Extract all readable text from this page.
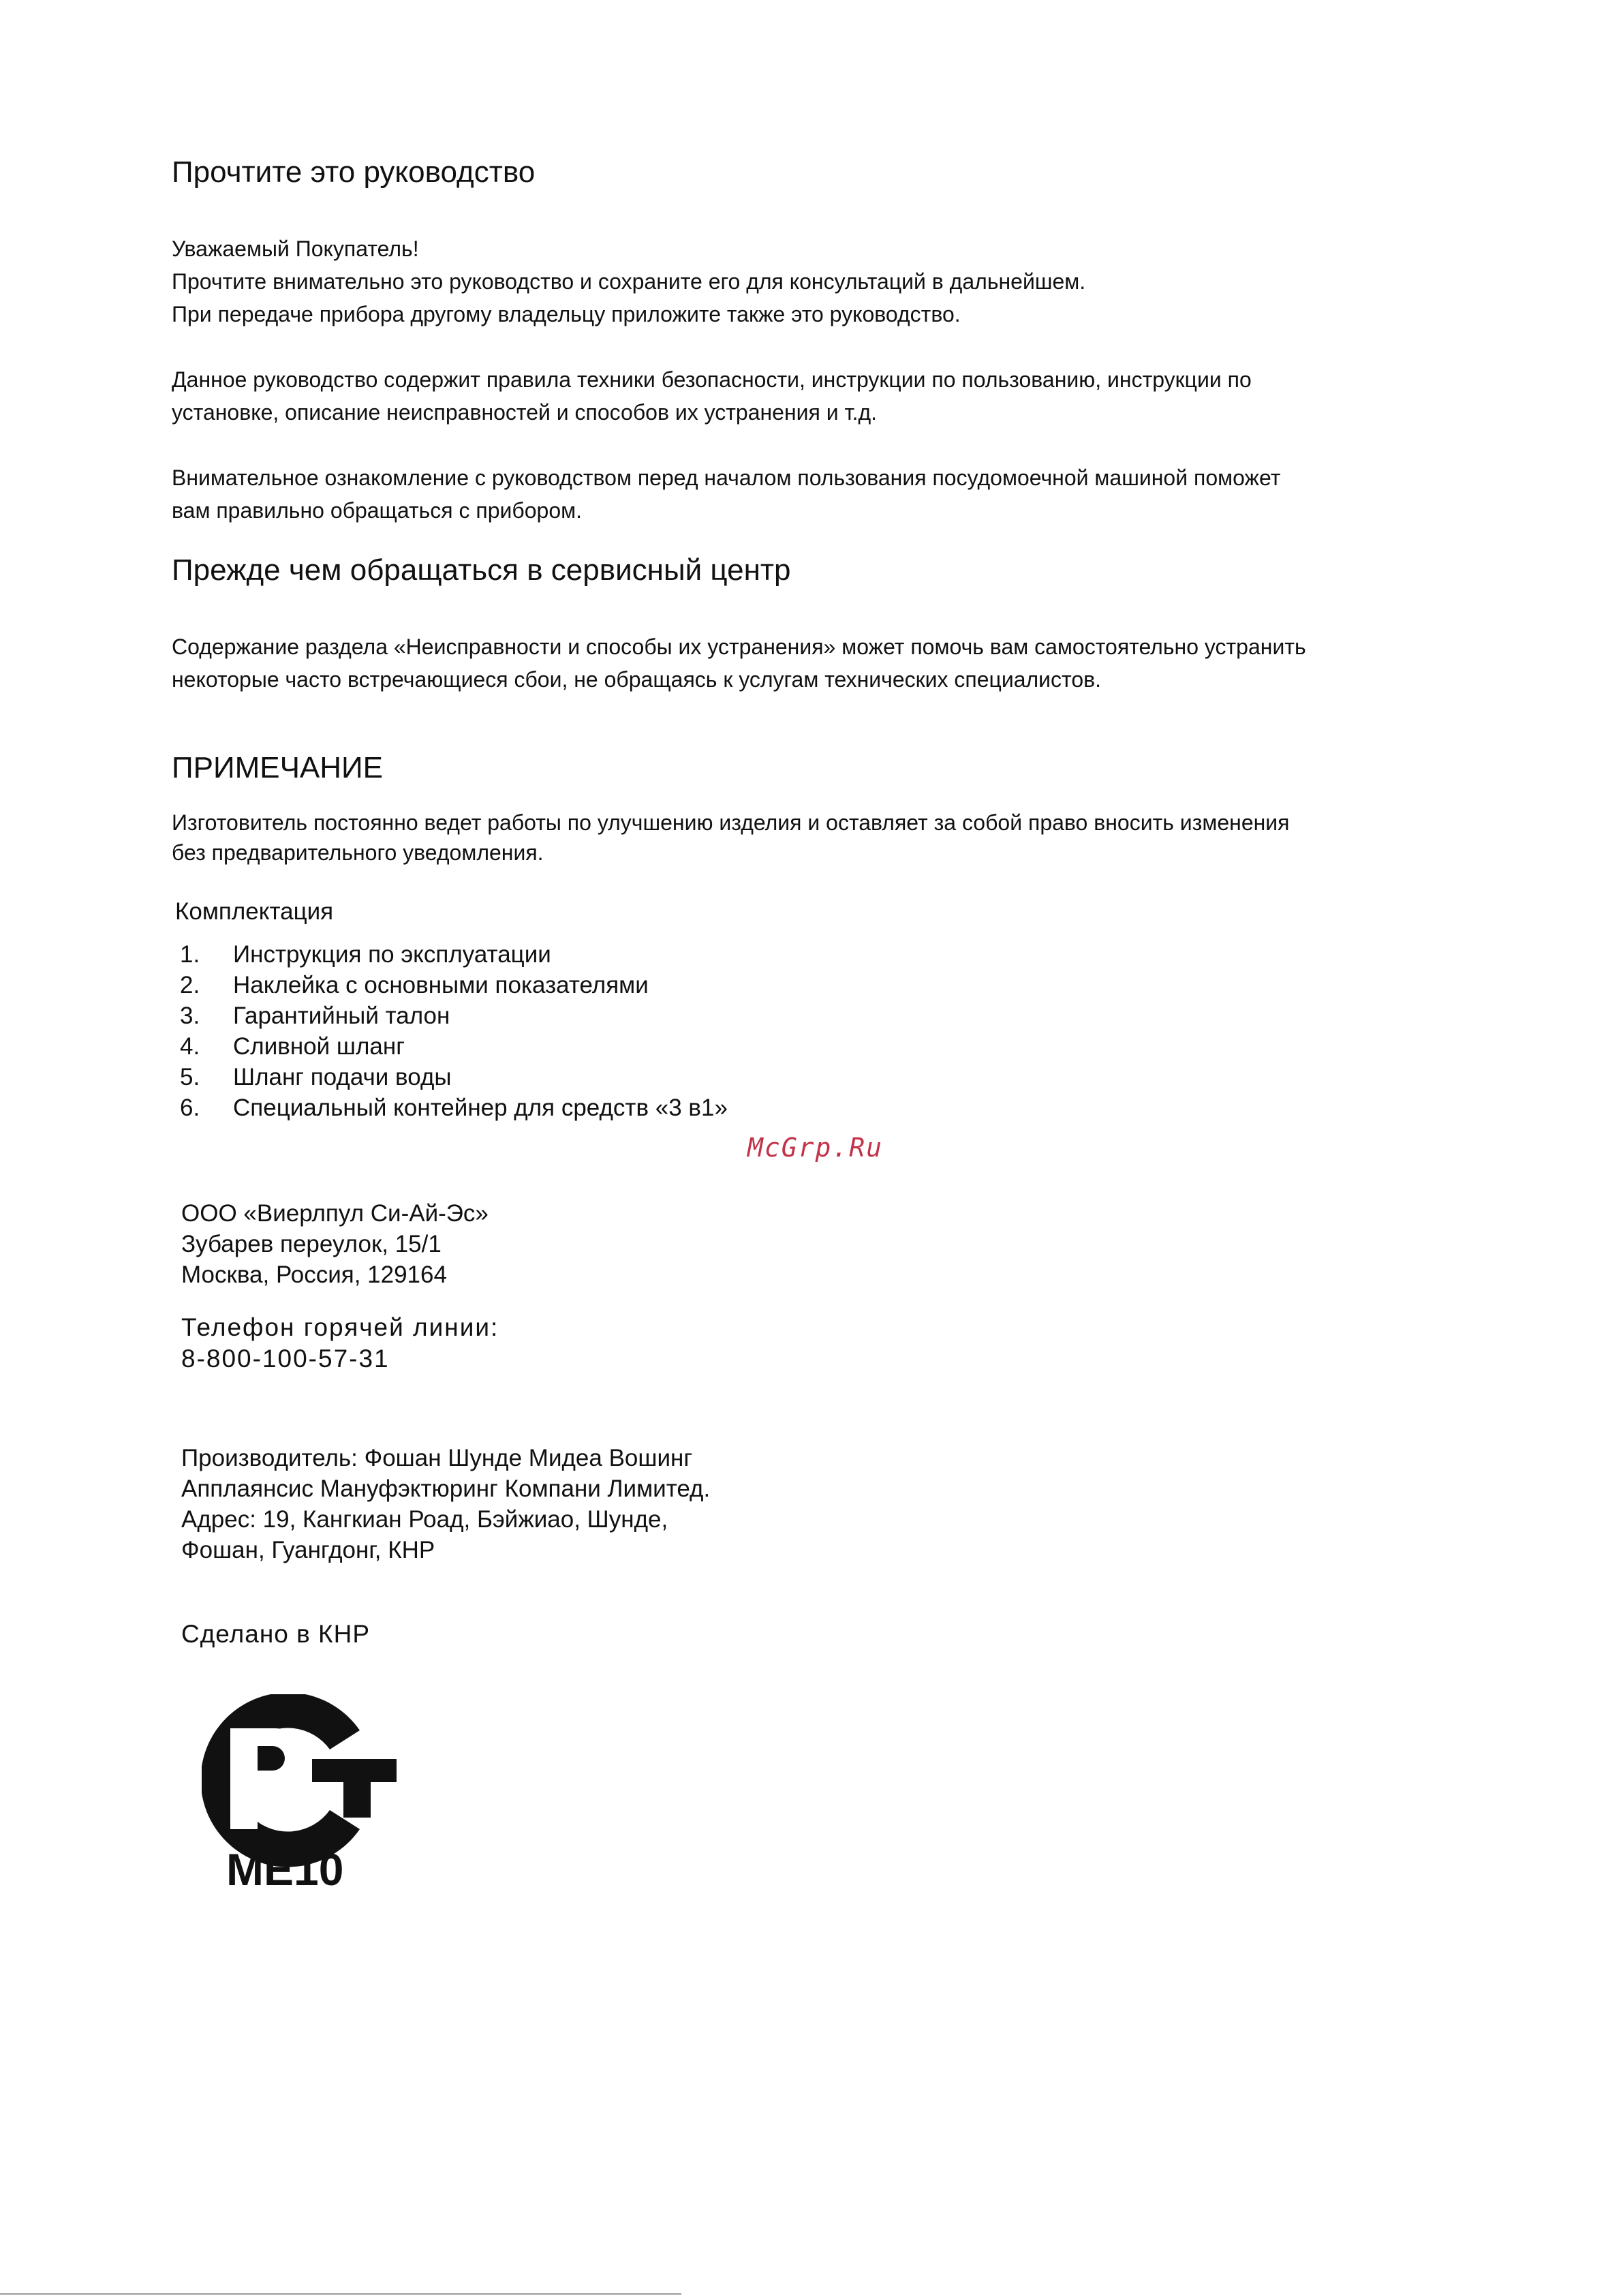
Прочтите это руководство
Уважаемый Покупатель!
Прочтите внимательно это руководство и сохраните его для консультаций в дальнейшем.
При передаче прибора другому владельцу приложите также это руководство.
Данное руководство содержит правила техники безопасности, инструкции по пользованию, инструкции по
установке, описание неисправностей и способов их устранения и т.д.
Внимательное ознакомление с руководством перед началом пользования посудомоечной машиной поможет
вам правильно обращаться с прибором.
Прежде чем обращаться в сервисный центр
Содержание раздела «Неисправности и способы их устранения» может помочь вам самостоятельно устранить
некоторые часто встречающиеся сбои, не обращаясь к услугам технических специалистов.
ПРИМЕЧАНИЕ
Изготовитель постоянно ведет работы по улучшению изделия и оставляет за собой право вносить изменения
без предварительного уведомления.
Комплектация
1. Инструкция по эксплуатации
2. Наклейка с основными показателями
3. Гарантийный талон
4. Сливной шланг
5. Шланг подачи воды
6. Специальный контейнер для средств «3 в1»
McGrp.Ru
ООО «Виерлпул Си-Ай-Эс»
Зубарев переулок, 15/1
Москва, Россия, 129164
Телефон горячей линии:
8-800-100-57-31
Производитель: Фошан Шунде Мидеа Вошинг
Апплаянсис Мануфэктюринг Компани Лимитед.
Адрес: 19, Кангкиан Роад, Бэйжиао, Шунде,
Фошан, Гуангдонг, КНР
Сделано в КНР
ME10
